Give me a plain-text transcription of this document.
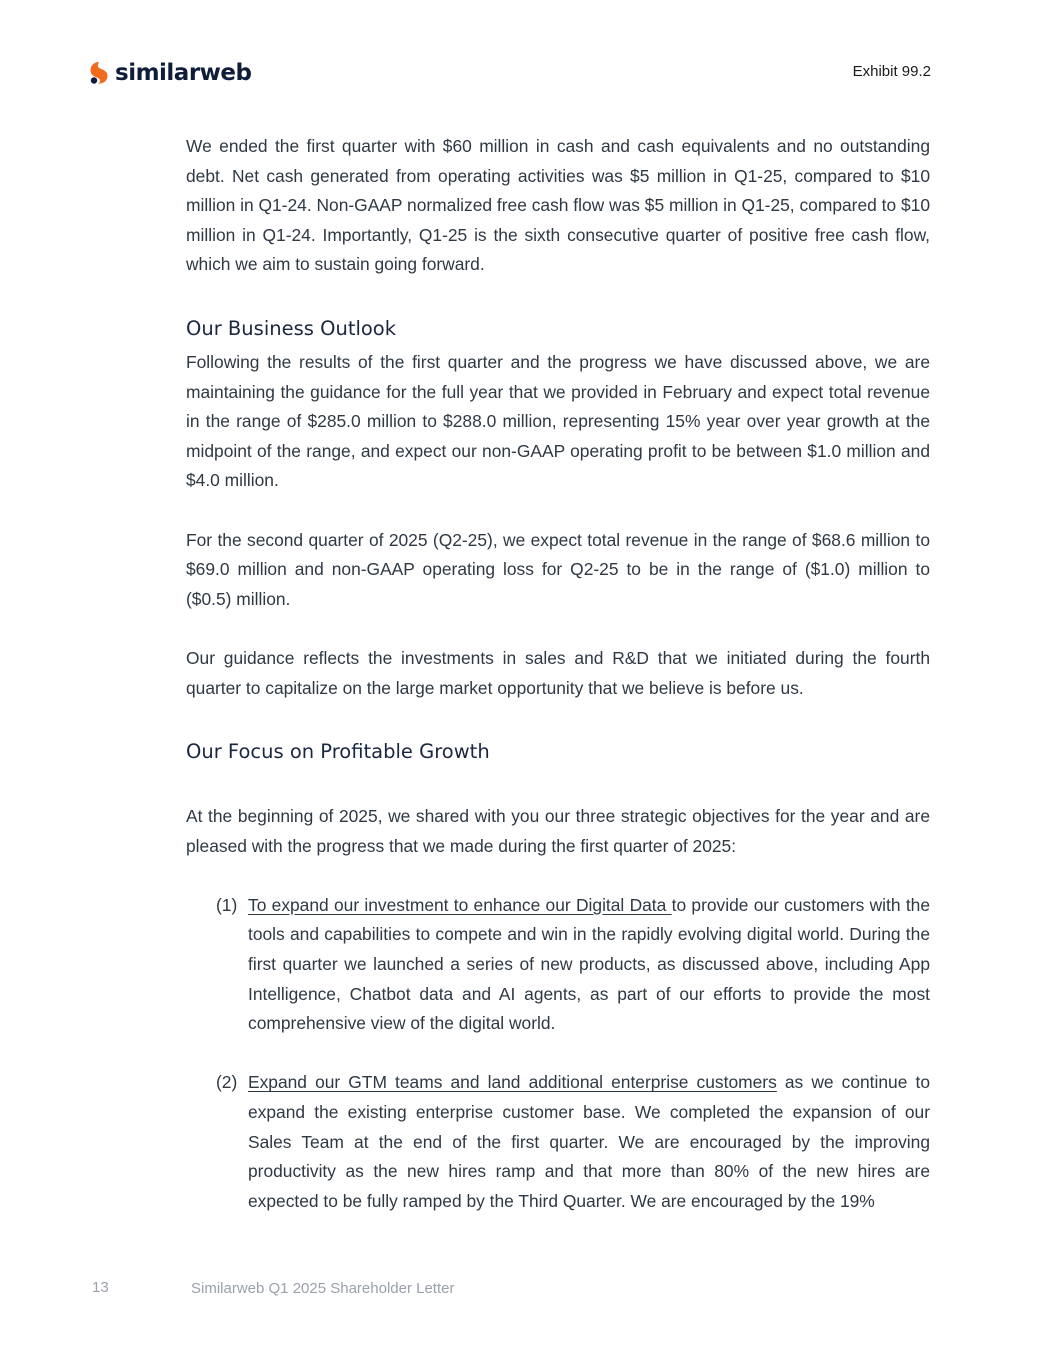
similarweb	Exhibit 99.2

We ended the first quarter with $60 million in cash and cash equivalents and no outstanding debt. Net cash generated from operating activities was $5 million in Q1-25, compared to $10 million in Q1-24. Non-GAAP normalized free cash flow was $5 million in Q1-25, compared to $10 million in Q1-24. Importantly, Q1-25 is the sixth consecutive quarter of positive free cash flow, which we aim to sustain going forward.

Our Business Outlook

Following the results of the first quarter and the progress we have discussed above, we are maintaining the guidance for the full year that we provided in February and expect total revenue in the range of $285.0 million to $288.0 million, representing 15% year over year growth at the midpoint of the range, and expect our non-GAAP operating profit to be between $1.0 million and $4.0 million.

For the second quarter of 2025 (Q2-25), we expect total revenue in the range of $68.6 million to $69.0 million and non-GAAP operating loss for Q2-25 to be in the range of ($1.0) million to ($0.5) million.

Our guidance reflects the investments in sales and R&D that we initiated during the fourth quarter to capitalize on the large market opportunity that we believe is before us.

Our Focus on Profitable Growth

At the beginning of 2025, we shared with you our three strategic objectives for the year and are pleased with the progress that we made during the first quarter of 2025:

(1) To expand our investment to enhance our Digital Data to provide our customers with the tools and capabilities to compete and win in the rapidly evolving digital world. During the first quarter we launched a series of new products, as discussed above, including App Intelligence, Chatbot data and AI agents, as part of our efforts to provide the most comprehensive view of the digital world.

(2) Expand our GTM teams and land additional enterprise customers as we continue to expand the existing enterprise customer base. We completed the expansion of our Sales Team at the end of the first quarter. We are encouraged by the improving productivity as the new hires ramp and that more than 80% of the new hires are expected to be fully ramped by the Third Quarter. We are encouraged by the 19%

13	Similarweb Q1 2025 Shareholder Letter
